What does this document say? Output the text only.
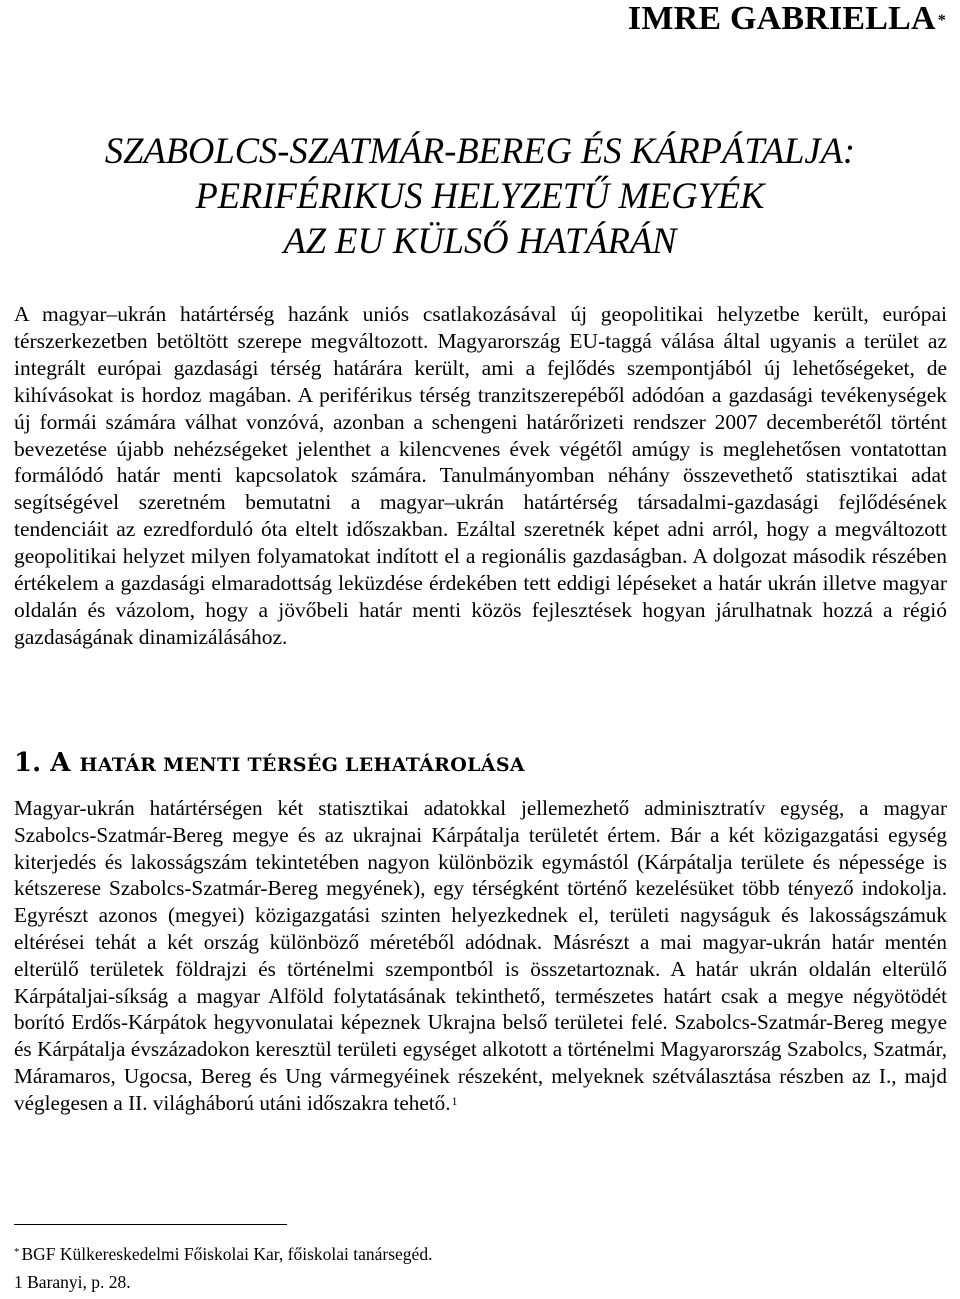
IMRE GABRIELLA *
SZABOLCS-SZATMÁR-BEREG ÉS KÁRPÁTALJA:
PERIFÉRIKUS HELYZETŰ MEGYÉK
AZ EU KÜLSŐ HATÁRÁN

A magyar–ukrán határtérség hazánk uniós csatlakozásával új geopolitikai helyzetbe került, európai térszerkezetben betöltött szerepe megváltozott. Magyarország EU-taggá válása által ugyanis a terület az integrált európai gazdasági térség határára került, ami a fejlődés szempontjából új lehetőségeket, de kihívásokat is hordoz magában. A periférikus térség tranzitszerepéből adódóan a gazdasági tevékenységek új formái számára válhat vonzóvá, azonban a schengeni határőrizeti rendszer 2007 decemberétől történt bevezetése újabb nehézségeket jelenthet a kilencvenes évek végétől amúgy is meglehetősen vontatottan formálódó határ menti kapcsolatok számára. Tanulmányomban néhány összevethető statisztikai adat segítségével szeretném bemutatni a magyar–ukrán határtérség társadalmi-gazdasági fejlődésének tendenciáit az ezredforduló óta eltelt időszakban. Ezáltal szeretnék képet adni arról, hogy a megváltozott geopolitikai helyzet milyen folyamatokat indított el a regionális gazdaságban. A dolgozat második részében értékelem a gazdasági elmaradottság leküzdése érdekében tett eddigi lépéseket a határ ukrán illetve magyar oldalán és vázolom, hogy a jövőbeli határ menti közös fejlesztések hogyan járulhatnak hozzá a régió gazdaságának dinamizálásához.

1. A HATÁR MENTI TÉRSÉG LEHATÁROLÁSA

Magyar-ukrán határtérségen két statisztikai adatokkal jellemezhető adminisztratív egység, a magyar Szabolcs-Szatmár-Bereg megye és az ukrajnai Kárpátalja területét értem. Bár a két közigazgatási egység kiterjedés és lakosságszám tekintetében nagyon különbözik egymástól (Kárpátalja területe és népessége is kétszerese Szabolcs-Szatmár-Bereg megyének), egy térségként történő kezelésüket több tényező indokolja. Egyrészt azonos (megyei) közigazgatási szinten helyezkednek el, területi nagyságuk és lakosságszámuk eltérései tehát a két ország különböző méretéből adódnak. Másrészt a mai magyar-ukrán határ mentén elterülő területek földrajzi és történelmi szempontból is összetartoznak. A határ ukrán oldalán elterülő Kárpátaljai-síkság a magyar Alföld folytatásának tekinthető, természetes határt csak a megye négyötödét borító Erdős-Kárpátok hegyvonulatai képeznek Ukrajna belső területei felé. Szabolcs-Szatmár-Bereg megye és Kárpátalja évszázadokon keresztül területi egységet alkotott a történelmi Magyarország Szabolcs, Szatmár, Máramaros, Ugocsa, Bereg és Ung vármegyéinek részeként, melyeknek szétválasztása részben az I., majd véglegesen a II. világháború utáni időszakra tehető.$^1$

* BGF Külkereskedelmi Főiskolai Kar, főiskolai tanársegéd.
1 Baranyi, p. 28.
